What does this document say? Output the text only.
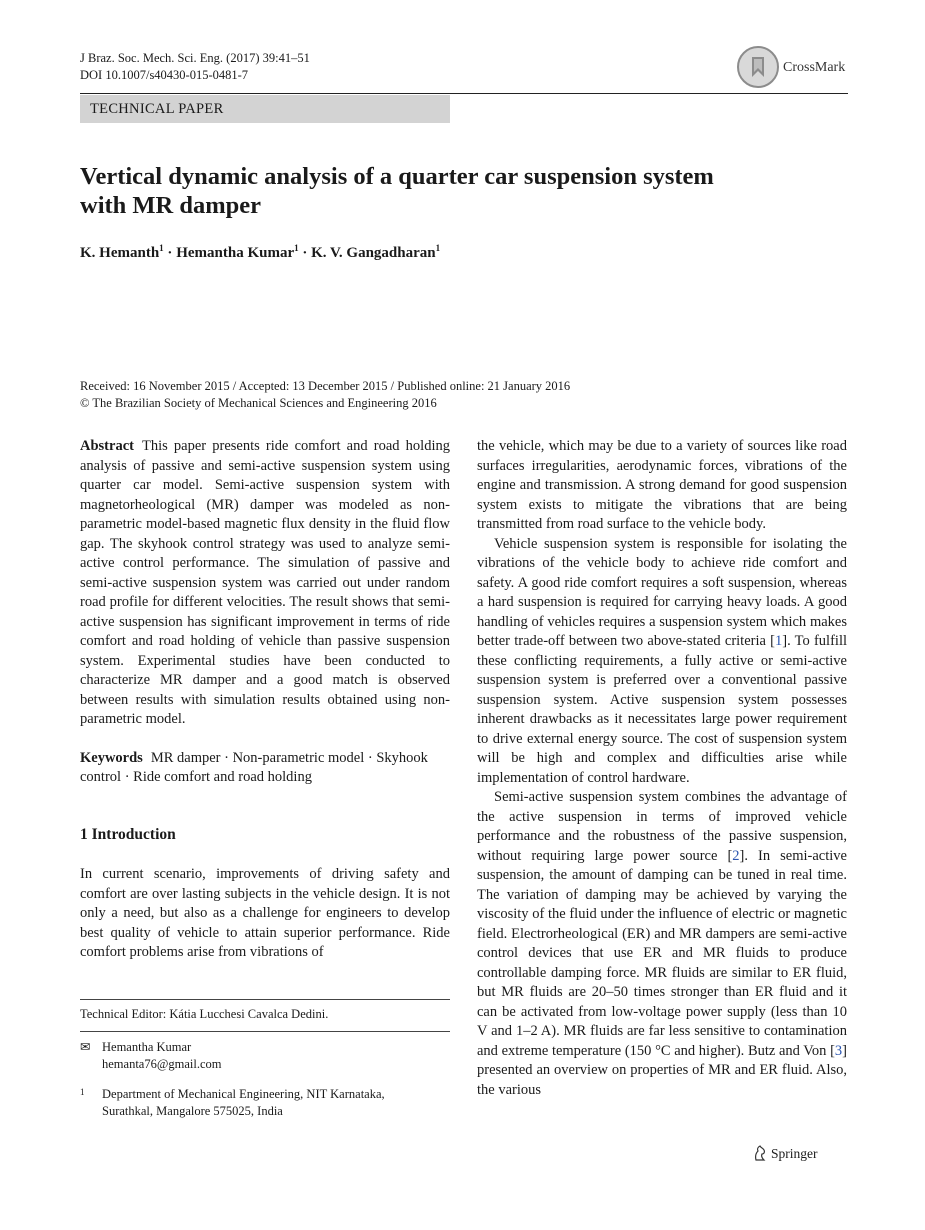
J Braz. Soc. Mech. Sci. Eng. (2017) 39:41–51
DOI 10.1007/s40430-015-0481-7	CrossMark
TECHNICAL PAPER
Vertical dynamic analysis of a quarter car suspension system
with MR damper
K. Hemanth$^1$ · Hemantha Kumar$^1$ · K. V. Gangadharan$^1$
Received: 16 November 2015 / Accepted: 13 December 2015 / Published online: 21 January 2016
© The Brazilian Society of Mechanical Sciences and Engineering 2016

Abstract This paper presents ride comfort and road holding analysis of passive and semi-active suspension system using quarter car model. Semi-active suspension system with magnetorheological (MR) damper was modeled as non-parametric model-based magnetic flux density in the fluid flow gap. The skyhook control strategy was used to analyze semi-active control performance. The simulation of passive and semi-active suspension system was carried out under random road profile for different velocities. The result shows that semi-active suspension has significant improvement in terms of ride comfort and road holding of vehicle than passive suspension system. Experimental studies have been conducted to characterize MR damper and a good match is observed between results with simulation results obtained using non-parametric model.

Keywords MR damper · Non-parametric model · Skyhook control · Ride comfort and road holding

1 Introduction

In current scenario, improvements of driving safety and comfort are over lasting subjects in the vehicle design. It is not only a need, but also as a challenge for engineers to develop best quality of vehicle to attain superior performance. Ride comfort problems arise from vibrations of

the vehicle, which may be due to a variety of sources like road surfaces irregularities, aerodynamic forces, vibrations of the engine and transmission. A strong demand for good suspension system exists to mitigate the vibrations that are being transmitted from road surface to the vehicle body.

Vehicle suspension system is responsible for isolating the vibrations of the vehicle body to achieve ride comfort and safety. A good ride comfort requires a soft suspension, whereas a hard suspension is required for carrying heavy loads. A good handling of vehicles requires a suspension system which makes better trade-off between two above-stated criteria [1]. To fulfill these conflicting requirements, a fully active or semi-active suspension system is preferred over a conventional passive suspension system. Active suspension system possesses inherent drawbacks as it necessitates large power requirement to drive external energy source. The cost of suspension system will be high and complex and difficulties arise while implementation of control hardware.

Semi-active suspension system combines the advantage of the active suspension in terms of improved vehicle performance and the robustness of the passive suspension, without requiring large power source [2]. In semi-active suspension, the amount of damping can be tuned in real time. The variation of damping may be achieved by varying the viscosity of the fluid under the influence of electric or magnetic field. Electrorheological (ER) and MR dampers are semi-active control devices that use ER and MR fluids to produce controllable damping force. MR fluids are similar to ER fluid, but MR fluids are 20–50 times stronger than ER fluid and it can be activated from low-voltage power supply (less than 10 V and 1–2 A). MR fluids are far less sensitive to contamination and extreme temperature (150 °C and higher). Butz and Von [3] presented an overview on properties of MR and ER fluid. Also, the various

Technical Editor: Kátia Lucchesi Cavalca Dedini.
✉ Hemantha Kumar
hemanta76@gmail.com
1 Department of Mechanical Engineering, NIT Karnataka,
Surathkal, Mangalore 575025, India
Springer
